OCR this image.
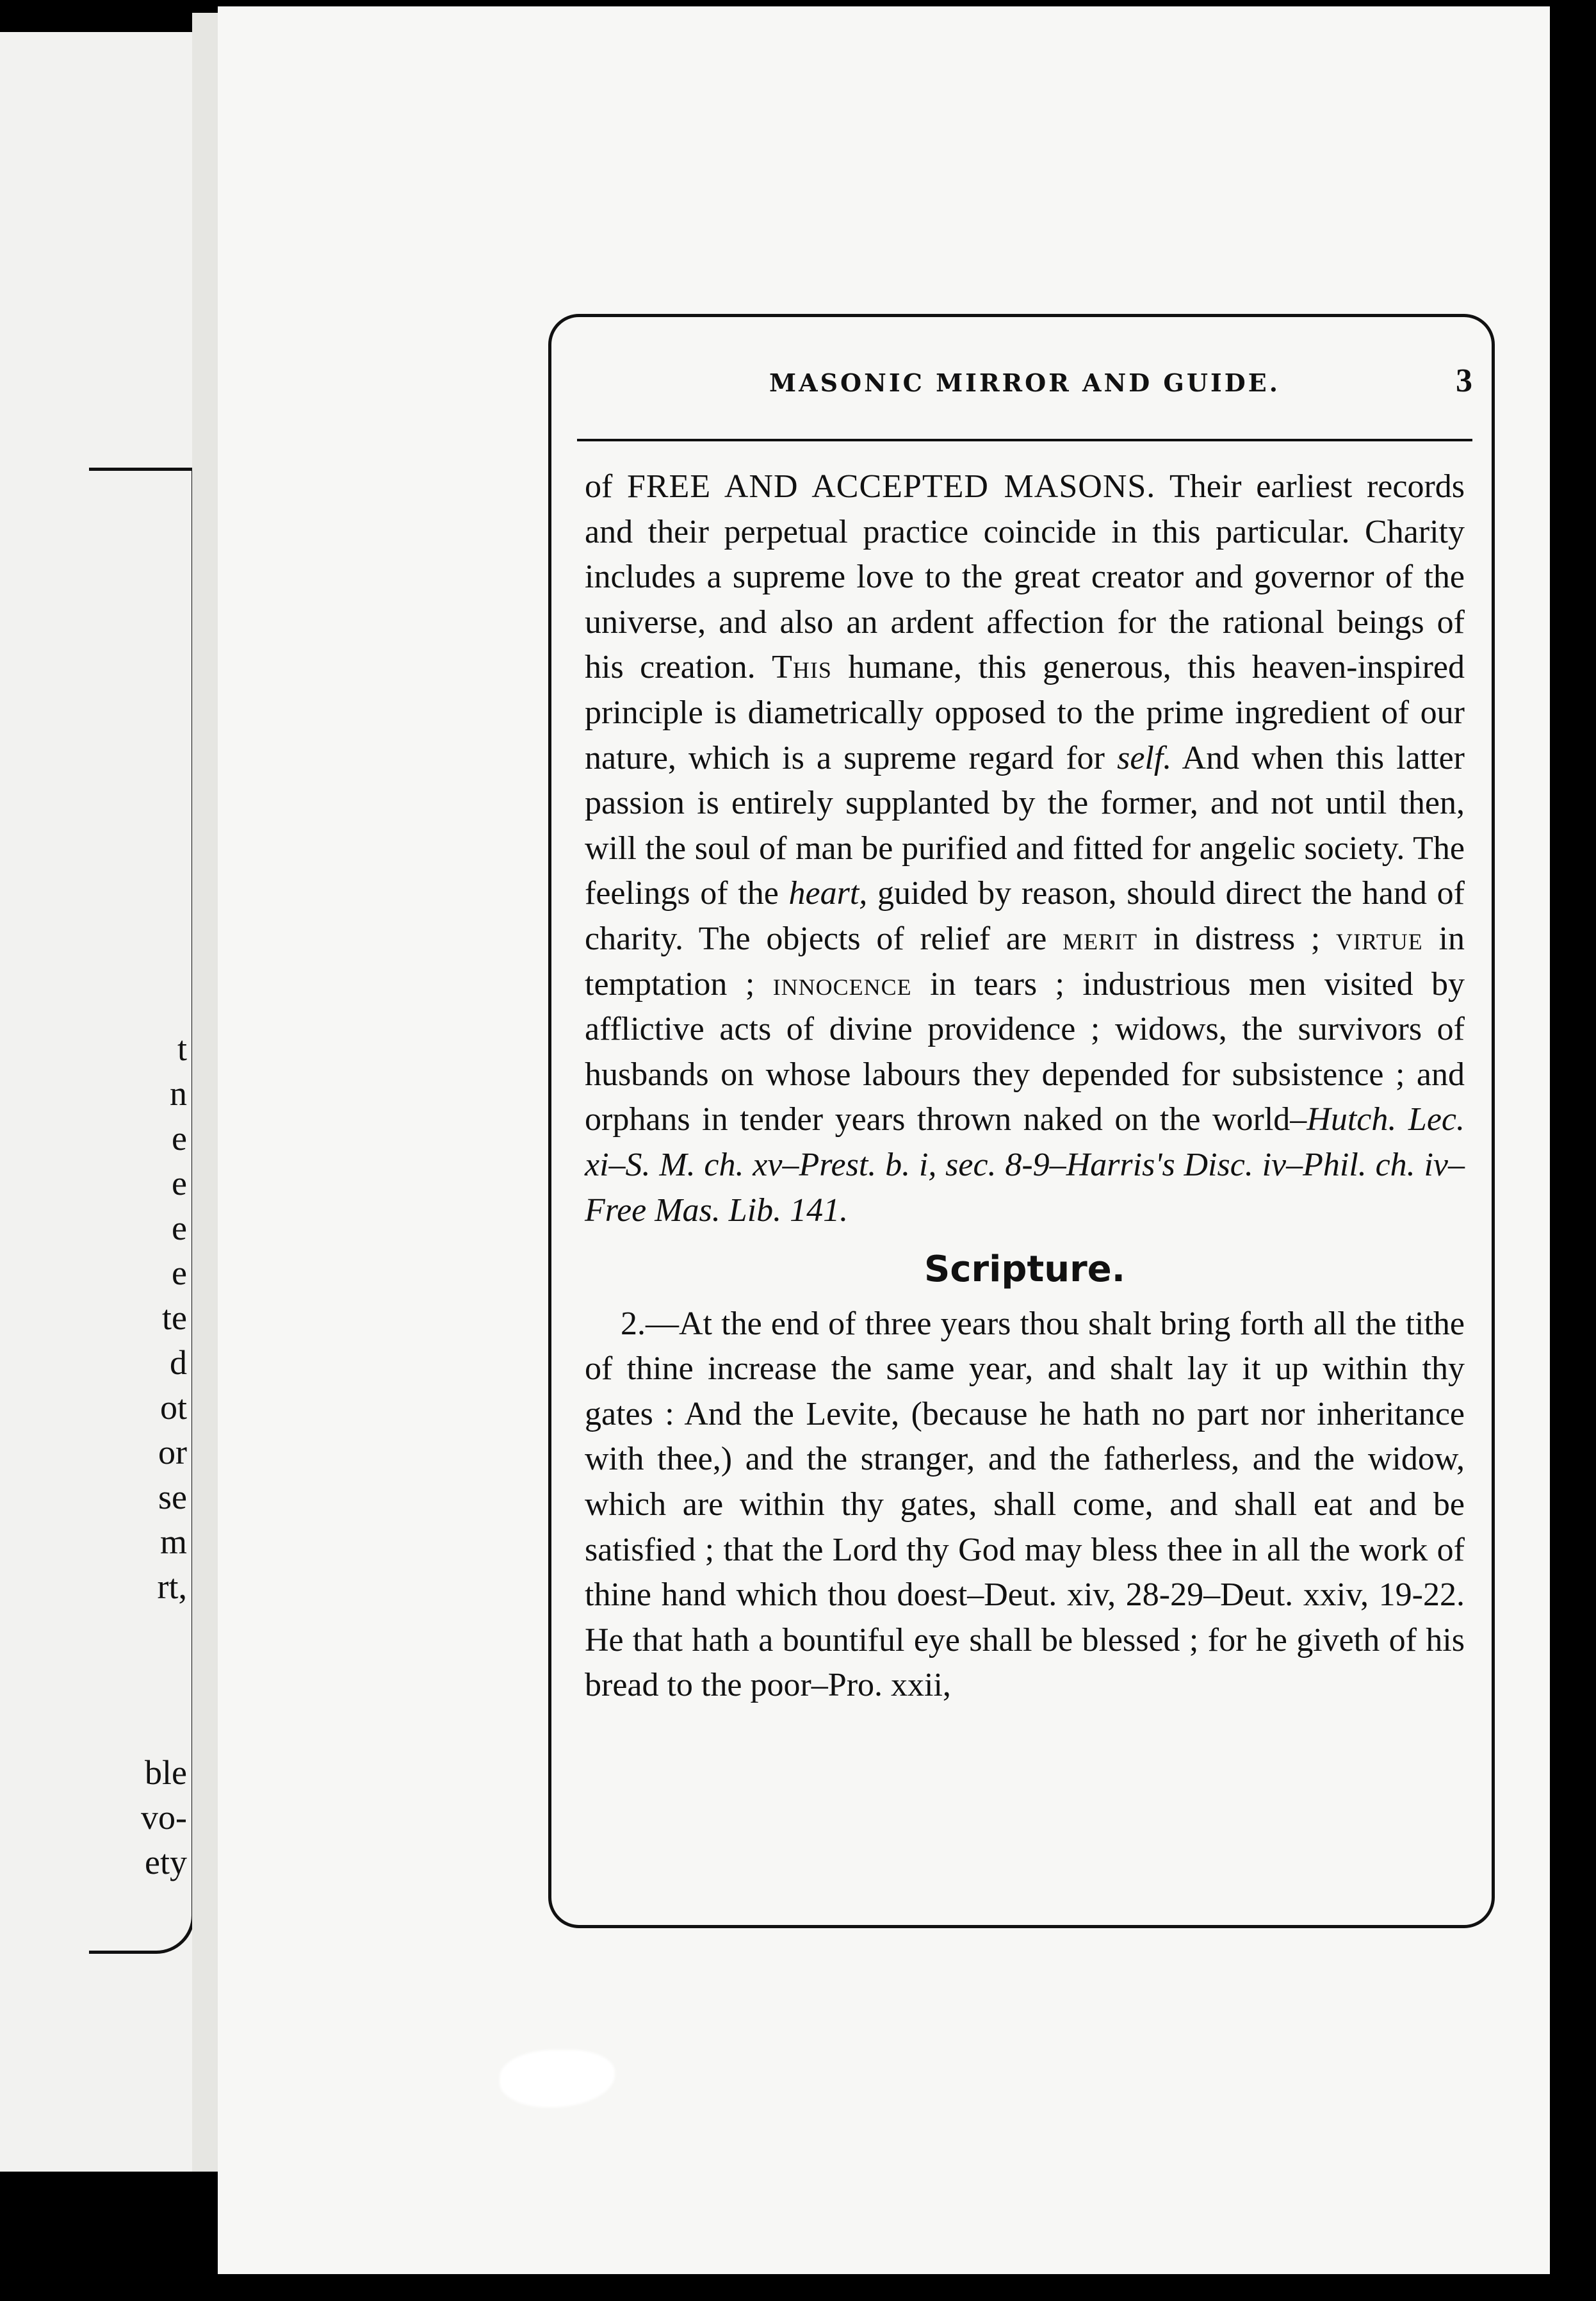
t
n
e
e
e
e
te
d
ot
or
se
m
rt,
ble
vo-
ety
MASONIC MIRROR AND GUIDE.	3

of FREE AND ACCEPTED MASONS. Their earliest records and their perpetual practice coincide in this particular. Charity includes a supreme love to the great creator and governor of the universe, and also an ardent affection for the rational beings of his creation. This humane, this generous, this heaven-inspired principle is diametrically opposed to the prime ingredient of our nature, which is a supreme regard for self. And when this latter passion is entirely supplanted by the former, and not until then, will the soul of man be purified and fitted for angelic society. The feelings of the heart, guided by reason, should direct the hand of charity. The objects of relief are merit in distress ; virtue in temptation ; innocence in tears ; industrious men visited by afflictive acts of divine providence ; widows, the survivors of husbands on whose labours they depended for subsistence ; and orphans in tender years thrown naked on the world–Hutch. Lec. xi–S. M. ch. xv–Prest. b. i, sec. 8-9–Harris's Disc. iv–Phil. ch. iv–Free Mas. Lib. 141.

Scripture.

2.—At the end of three years thou shalt bring forth all the tithe of thine increase the same year, and shalt lay it up within thy gates : And the Levite, (because he hath no part nor inheritance with thee,) and the stranger, and the fatherless, and the widow, which are within thy gates, shall come, and shall eat and be satisfied ; that the Lord thy God may bless thee in all the work of thine hand which thou doest–Deut. xiv, 28-29–Deut. xxiv, 19-22. He that hath a bountiful eye shall be blessed ; for he giveth of his bread to the poor–Pro. xxii,
